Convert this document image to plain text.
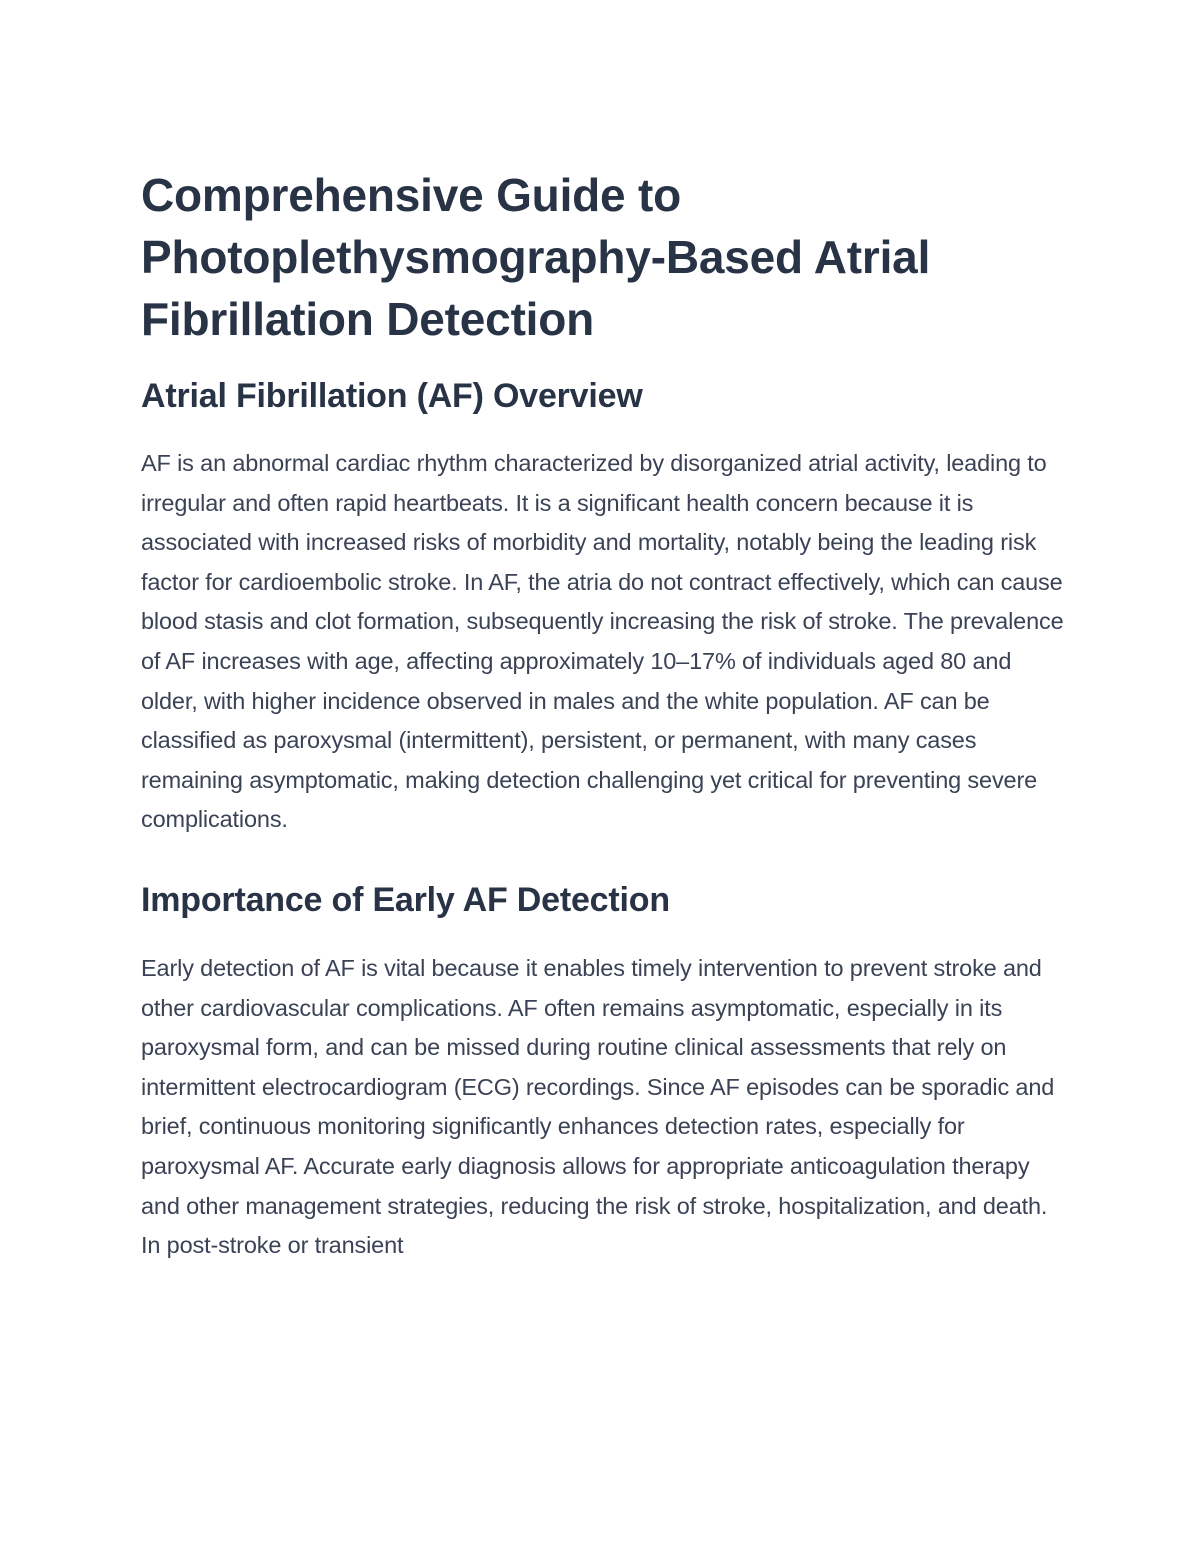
Comprehensive Guide to Photoplethysmography-Based Atrial Fibrillation Detection
Atrial Fibrillation (AF) Overview

AF is an abnormal cardiac rhythm characterized by disorganized atrial activity, leading to irregular and often rapid heartbeats. It is a significant health concern because it is associated with increased risks of morbidity and mortality, notably being the leading risk factor for cardioembolic stroke. In AF, the atria do not contract effectively, which can cause blood stasis and clot formation, subsequently increasing the risk of stroke. The prevalence of AF increases with age, affecting approximately 10–17% of individuals aged 80 and older, with higher incidence observed in males and the white population. AF can be classified as paroxysmal (intermittent), persistent, or permanent, with many cases remaining asymptomatic, making detection challenging yet critical for preventing severe complications.

Importance of Early AF Detection

Early detection of AF is vital because it enables timely intervention to prevent stroke and other cardiovascular complications. AF often remains asymptomatic, especially in its paroxysmal form, and can be missed during routine clinical assessments that rely on intermittent electrocardiogram (ECG) recordings. Since AF episodes can be sporadic and brief, continuous monitoring significantly enhances detection rates, especially for paroxysmal AF. Accurate early diagnosis allows for appropriate anticoagulation therapy and other management strategies, reducing the risk of stroke, hospitalization, and death. In post-stroke or transient
